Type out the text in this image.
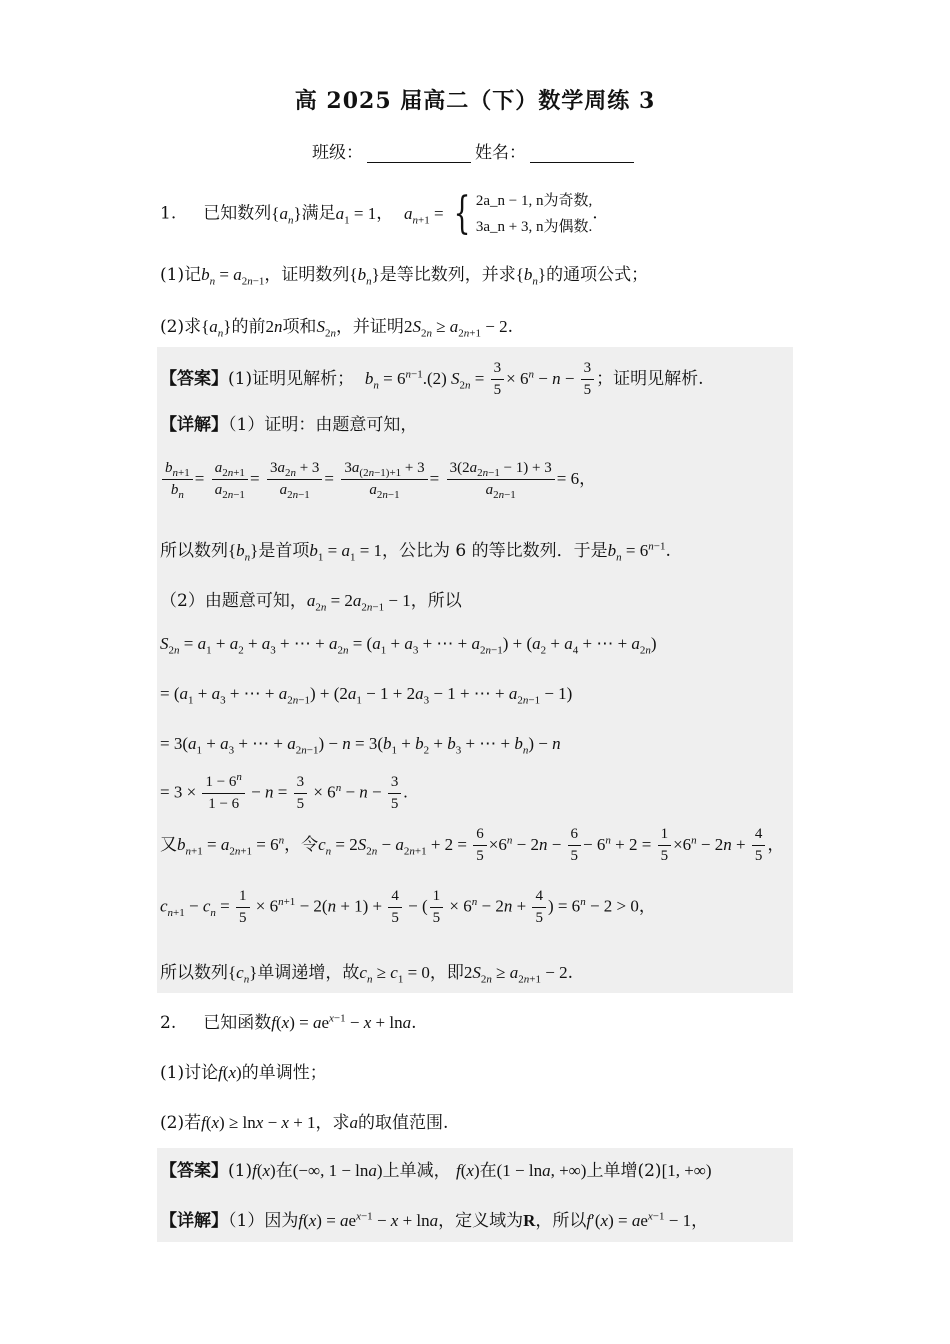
高 2025 届高二（下）数学周练 3
班级：	姓名：
1. 已知数列$\{a_n\}$满足$a_1 = 1$，  $a_{n+1}$ = { 2a_n − 1, n为奇数,
3a_n + 3, n为偶数.
.
(1)记$b_n = a_{2n-1}$，证明数列$\{b_n\}$是等比数列，并求$\{b_n\}$的通项公式；
(2)求$\{a_n\}$的前2n项和$S_{2n}$，并证明$2S_{2n} \ge a_{2n+1} - 2$.
【答案】(1)证明见解析； $b_n = 6^{n-1}.(2) S_{2n} = \frac{3}{5} \times 6^n - n - \frac{3}{5}$ ；证明见解析.
【详解】（1）证明：由题意可知，
$\frac{b_{n+1}}{b_n} = \frac{a_{2n+1}}{a_{2n-1}} = \frac{3a_{2n} + 3}{a_{2n-1}} = \frac{3a_{(2n-1)+1} + 3}{a_{2n-1}} = \frac{3(2a_{2n-1} - 1) + 3}{a_{2n-1}} = 6$，
所以数列$\{b_n\}$是首项$b_1 = a_1 = 1$，公比为 6 的等比数列．于是$b_n = 6^{n-1}$.
（2）由题意可知，$a_{2n} = 2a_{2n-1} - 1$，所以
$S_{2n} = a_1 + a_2 + a_3$ + ⋯ + $a_{2n} = (a_1 + a_3$ + ⋯ + $a_{2n-1}) + (a_2 + a_4$ + ⋯ + $a_{2n}$)
= ($a_1 + a_3$ + ⋯ + $a_{2n-1}) + (2a_1 - 1 + 2a_3 - 1$ + ⋯ + $a_{2n-1} - 1$)
= $3(a_1 + a_3$ + ⋯ + $a_{2n-1}) - n = 3(b_1 + b_2 + b_3$ + ⋯ + $b_n) - n$
= $3 \times \frac{1 - 6^n}{1 - 6} - n = \frac{3}{5} \times 6^n - n - \frac{3}{5}$ .
又$b_{n+1} = a_{2n+1} = 6^n$，令$c_n = 2S_{2n} - a_{2n+1} + 2 = \frac{6}{5} \times 6^n - 2n - \frac{6}{5} - 6^n + 2 = \frac{1}{5} \times 6^n - 2n + \frac{4}{5}$ ，
$c_{n+1} - c_n = \frac{1}{5} \times 6^{n+1} - 2(n + 1) + \frac{4}{5}$ − ( $\frac{1}{5} \times 6^n - 2n + \frac{4}{5}$ ) = $6^n - 2 > 0$，
所以数列$\{c_n\}$单调递增，故$c_n \ge c_1 = 0$，即$2S_{2n} \ge a_{2n+1} - 2$.
2. 已知函数$f(x) = ae^{x-1} - x + \ln a$.
(1)讨论f(x)的单调性；
(2)若f(x) ≥ lnx − x + 1，求a的取值范围.
【答案】(1)f(x)在(−∞, 1 − lna)上单减， f(x)在(1 − lna, +∞)上单增(2)[1, +∞)
【详解】（1）因为$f(x) = ae^{x-1} - x + \ln a$，定义域为R，所以$f'(x) = ae^{x-1} - 1$，
